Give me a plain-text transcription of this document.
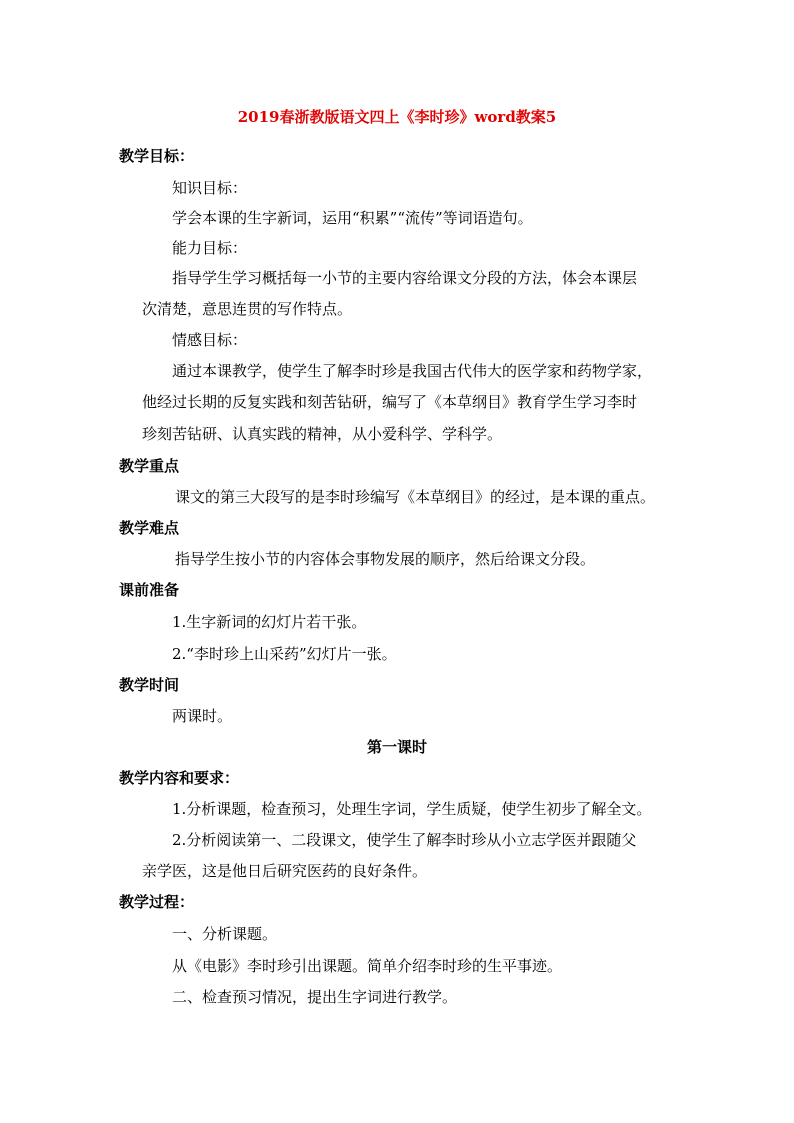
2019春浙教版语文四上《李时珍》word教案5
教学目标：
知识目标：
学会本课的生字新词，运用“积累”“流传”等词语造句。
能力目标：
指导学生学习概括每一小节的主要内容给课文分段的方法，体会本课层
次清楚，意思连贯的写作特点。
情感目标：
通过本课教学，使学生了解李时珍是我国古代伟大的医学家和药物学家，
他经过长期的反复实践和刻苦钻研，编写了《本草纲目》教育学生学习李时
珍刻苦钻研、认真实践的精神，从小爱科学、学科学。
教学重点
课文的第三大段写的是李时珍编写《本草纲目》的经过，是本课的重点。
教学难点
指导学生按小节的内容体会事物发展的顺序，然后给课文分段。
课前准备
1.生字新词的幻灯片若干张。
2.“李时珍上山采药”幻灯片一张。
教学时间
两课时。
第一课时
教学内容和要求：
1.分析课题，检查预习，处理生字词，学生质疑，使学生初步了解全文。
2.分析阅读第一、二段课文，使学生了解李时珍从小立志学医并跟随父
亲学医，这是他日后研究医药的良好条件。
教学过程：
一、分析课题。
从《电影》李时珍引出课题。简单介绍李时珍的生平事迹。
二、检查预习情况，提出生字词进行教学。
